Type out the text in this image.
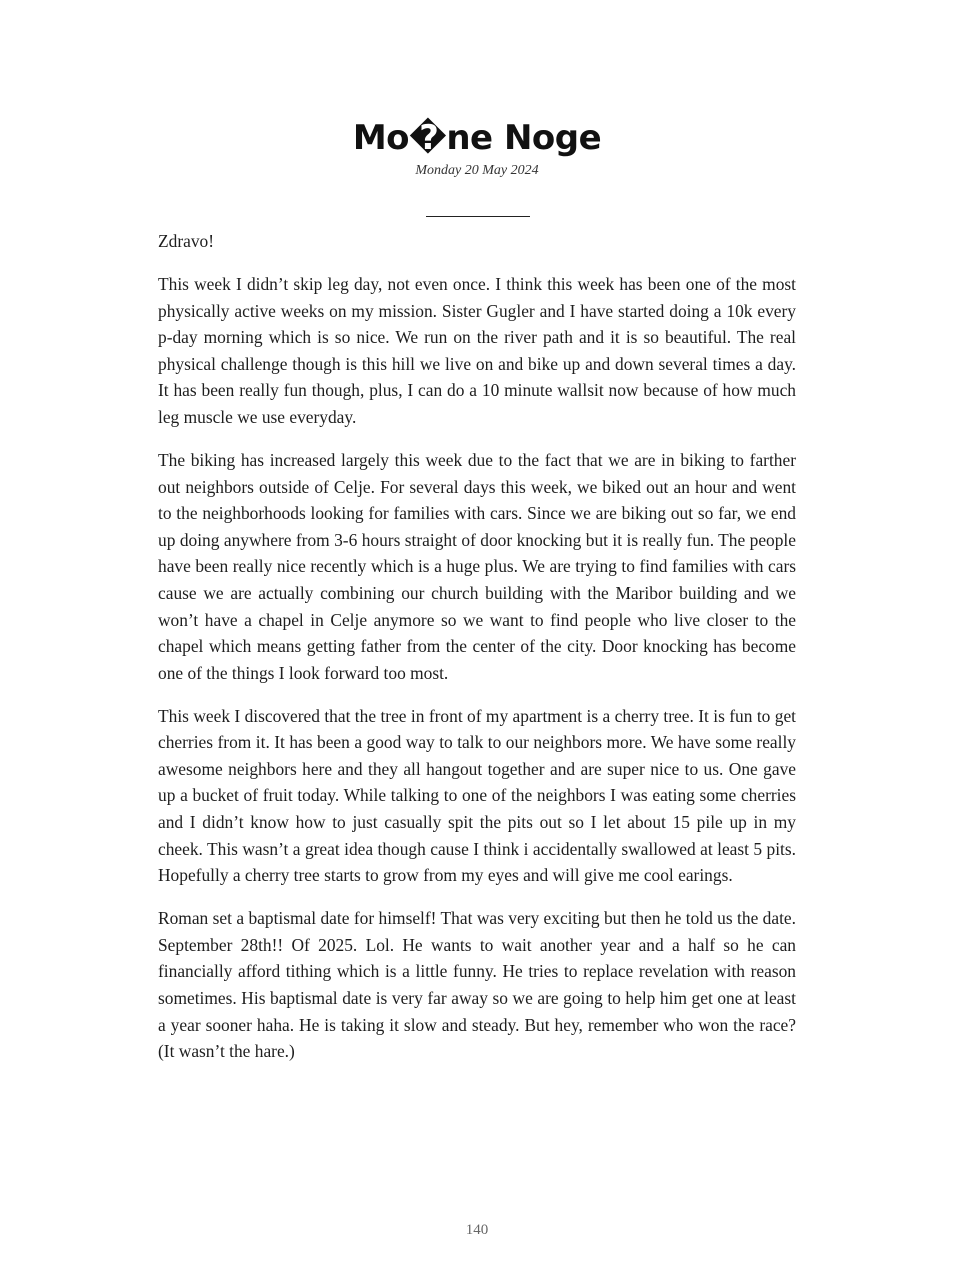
Mo�ne Noge
Monday 20 May 2024

Zdravo!

This week I didn’t skip leg day, not even once. I think this week has been one of the most physically active weeks on my mission. Sister Gugler and I have started doing a 10k every p-day morning which is so nice. We run on the river path and it is so beautiful. The real physical challenge though is this hill we live on and bike up and down several times a day. It has been really fun though, plus, I can do a 10 minute wallsit now because of how much leg muscle we use everyday.

The biking has increased largely this week due to the fact that we are in biking to farther out neighbors outside of Celje. For several days this week, we biked out an hour and went to the neighborhoods looking for families with cars. Since we are biking out so far, we end up doing anywhere from 3-6 hours straight of door knocking but it is really fun. The people have been really nice recently which is a huge plus. We are trying to find families with cars cause we are actually combining our church building with the Maribor building and we won’t have a chapel in Celje anymore so we want to find people who live closer to the chapel which means getting father from the center of the city. Door knocking has become one of the things I look forward too most.

This week I discovered that the tree in front of my apartment is a cherry tree. It is fun to get cherries from it. It has been a good way to talk to our neighbors more. We have some really awesome neighbors here and they all hangout together and are super nice to us. One gave up a bucket of fruit today. While talking to one of the neighbors I was eating some cherries and I didn’t know how to just casually spit the pits out so I let about 15 pile up in my cheek. This wasn’t a great idea though cause I think i accidentally swallowed at least 5 pits. Hopefully a cherry tree starts to grow from my eyes and will give me cool earings.

Roman set a baptismal date for himself! That was very exciting but then he told us the date. September 28th!! Of 2025. Lol. He wants to wait another year and a half so he can financially afford tithing which is a little funny. He tries to replace revelation with reason sometimes. His baptismal date is very far away so we are going to help him get one at least a year sooner haha. He is taking it slow and steady. But hey, remember who won the race? (It wasn’t the hare.)

140
